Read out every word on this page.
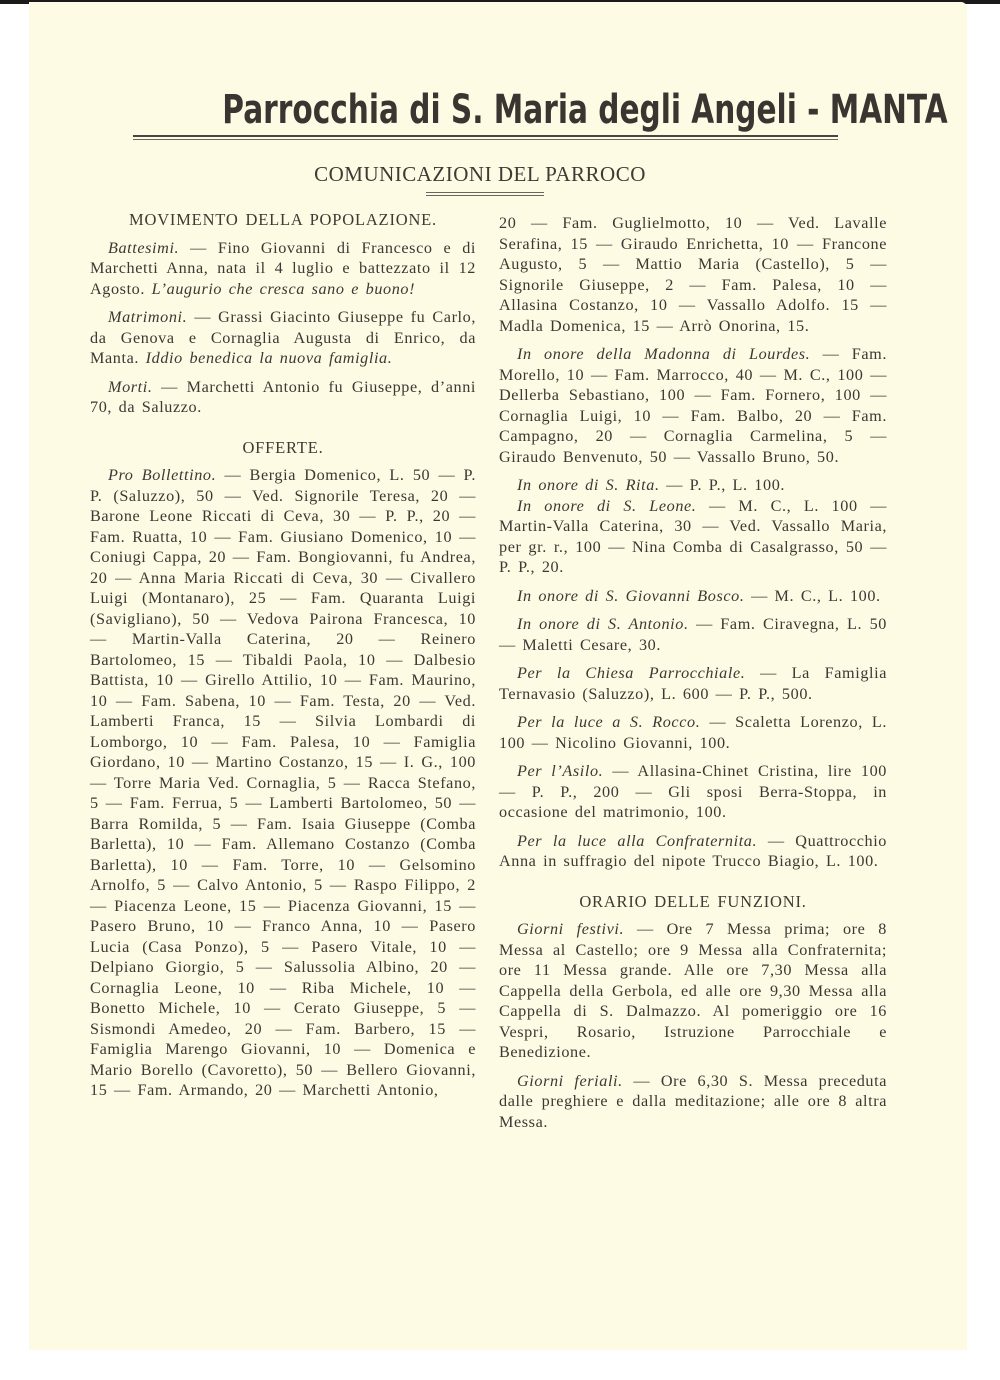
Parrocchia di S. Maria degli Angeli - MANTA
COMUNICAZIONI DEL PARROCO
MOVIMENTO DELLA POPOLAZIONE.

Battesimi. — Fino Giovanni di Francesco e di Marchetti Anna, nata il 4 luglio e battezzato il 12 Agosto. L’augurio che cresca sano e buono!

Matrimoni. — Grassi Giacinto Giuseppe fu Carlo, da Genova e Cornaglia Augusta di Enrico, da Manta. Iddio benedica la nuova famiglia.

Morti. — Marchetti Antonio fu Giuseppe, d’anni 70, da Saluzzo.

OFFERTE.

Pro Bollettino. — Bergia Domenico, L. 50 — P. P. (Saluzzo), 50 — Ved. Signorile Teresa, 20 — Barone Leone Riccati di Ceva, 30 — P. P., 20 — Fam. Ruatta, 10 — Fam. Giusiano Domenico, 10 — Coniugi Cappa, 20 — Fam. Bongiovanni, fu Andrea, 20 — Anna Maria Riccati di Ceva, 30 — Civallero Luigi (Montanaro), 25 — Fam. Quaranta Luigi (Savigliano), 50 — Vedova Pairona Francesca, 10 — Martin-Valla Caterina, 20 — Reinero Bartolomeo, 15 — Tibaldi Paola, 10 — Dalbesio Battista, 10 — Girello Attilio, 10 — Fam. Maurino, 10 — Fam. Sabena, 10 — Fam. Testa, 20 — Ved. Lamberti Franca, 15 — Silvia Lombardi di Lomborgo, 10 — Fam. Palesa, 10 — Famiglia Giordano, 10 — Martino Costanzo, 15 — I. G., 100 — Torre Maria Ved. Cornaglia, 5 — Racca Stefano, 5 — Fam. Ferrua, 5 — Lamberti Bartolomeo, 50 — Barra Romilda, 5 — Fam. Isaia Giuseppe (Comba Barletta), 10 — Fam. Allemano Costanzo (Comba Barletta), 10 — Fam. Torre, 10 — Gelsomino Arnolfo, 5 — Calvo Antonio, 5 — Raspo Filippo, 2 — Piacenza Leone, 15 — Piacenza Giovanni, 15 — Pasero Bruno, 10 — Franco Anna, 10 — Pasero Lucia (Casa Ponzo), 5 — Pasero Vitale, 10 — Delpiano Giorgio, 5 — Salussolia Albino, 20 — Cornaglia Leone, 10 — Riba Michele, 10 — Bonetto Michele, 10 — Cerato Giuseppe, 5 — Sismondi Amedeo, 20 — Fam. Barbero, 15 — Famiglia Marengo Giovanni, 10 — Domenica e Mario Borello (Cavoretto), 50 — Bellero Giovanni, 15 — Fam. Armando, 20 — Marchetti Antonio,

20 — Fam. Guglielmotto, 10 — Ved. Lavalle Serafina, 15 — Giraudo Enrichetta, 10 — Francone Augusto, 5 — Mattio Maria (Castello), 5 — Signorile Giuseppe, 2 — Fam. Palesa, 10 — Allasina Costanzo, 10 — Vassallo Adolfo. 15 — Madla Domenica, 15 — Arrò Onorina, 15.

In onore della Madonna di Lourdes. — Fam. Morello, 10 — Fam. Marrocco, 40 — M. C., 100 — Dellerba Sebastiano, 100 — Fam. Fornero, 100 — Cornaglia Luigi, 10 — Fam. Balbo, 20 — Fam. Campagno, 20 — Cornaglia Carmelina, 5 — Giraudo Benvenuto, 50 — Vassallo Bruno, 50.

In onore di S. Rita. — P. P., L. 100.

In onore di S. Leone. — M. C., L. 100 — Martin-Valla Caterina, 30 — Ved. Vassallo Maria, per gr. r., 100 — Nina Comba di Casalgrasso, 50 — P. P., 20.

In onore di S. Giovanni Bosco. — M. C., L. 100.

In onore di S. Antonio. — Fam. Ciravegna, L. 50 — Maletti Cesare, 30.

Per la Chiesa Parrocchiale. — La Famiglia Ternavasio (Saluzzo), L. 600 — P. P., 500.

Per la luce a S. Rocco. — Scaletta Lorenzo, L. 100 — Nicolino Giovanni, 100.

Per l’Asilo. — Allasina-Chinet Cristina, lire 100 — P. P., 200 — Gli sposi Berra-Stoppa, in occasione del matrimonio, 100.

Per la luce alla Confraternita. — Quattrocchio Anna in suffragio del nipote Trucco Biagio, L. 100.

ORARIO DELLE FUNZIONI.

Giorni festivi. — Ore 7 Messa prima; ore 8 Messa al Castello; ore 9 Messa alla Confraternita; ore 11 Messa grande. Alle ore 7,30 Messa alla Cappella della Gerbola, ed alle ore 9,30 Messa alla Cappella di S. Dalmazzo. Al pomeriggio ore 16 Vespri, Rosario, Istruzione Parrocchiale e Benedizione.

Giorni feriali. — Ore 6,30 S. Messa preceduta dalle preghiere e dalla meditazione; alle ore 8 altra Messa.
